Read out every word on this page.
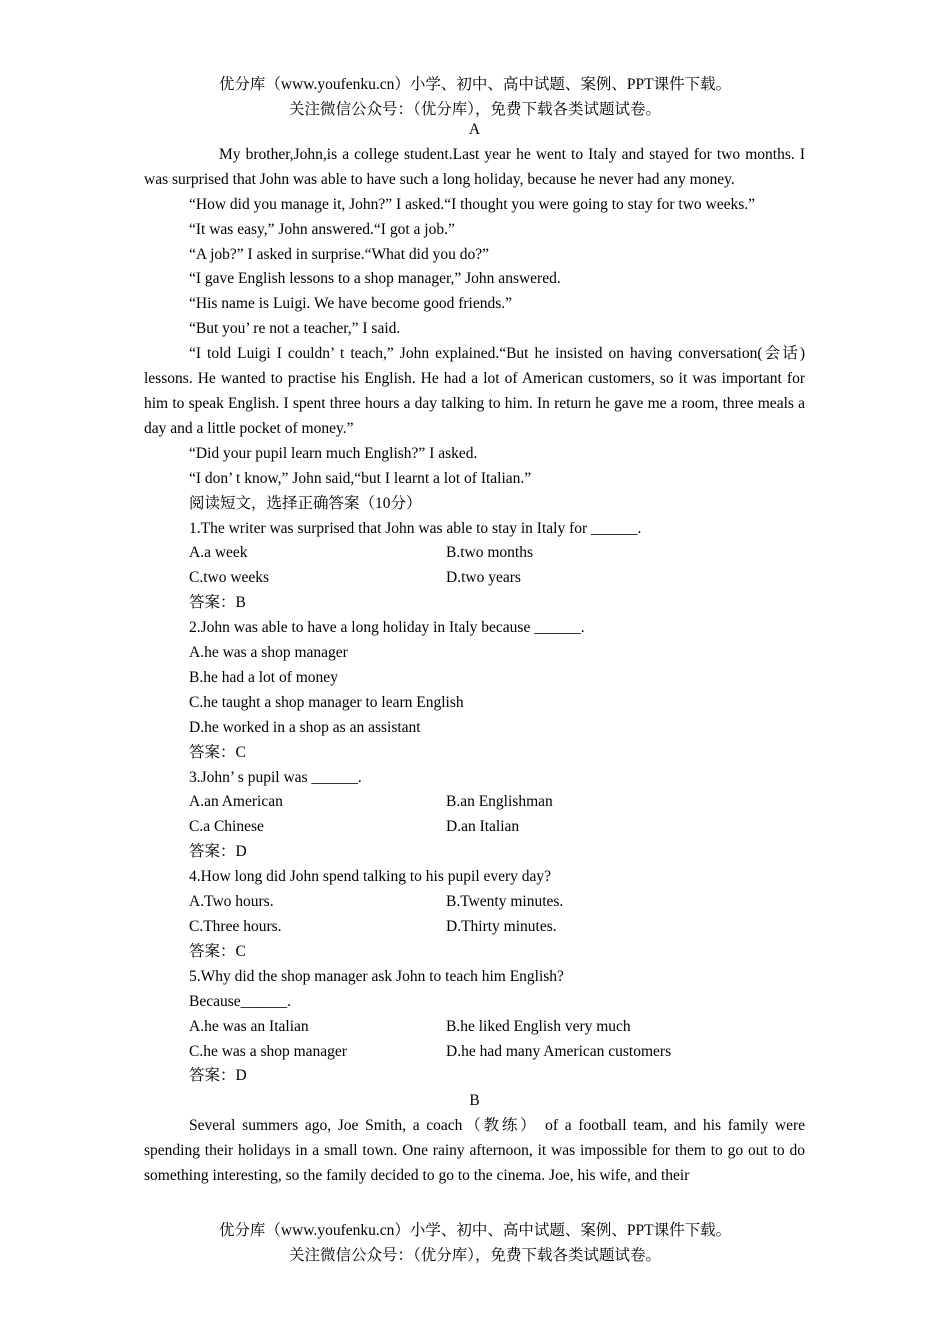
优分库（www.youfenku.cn）小学、初中、高中试题、案例、PPT课件下载。

关注微信公众号：（优分库），免费下载各类试题试卷。

A

My brother,John,is a college student.Last year he went to Italy and stayed for two months. I was surprised that John was able to have such a long holiday, because he never had any money.

“How did you manage it, John?” I asked.“I thought you were going to stay for two weeks.”

“It was easy,” John answered.“I got a job.”

“A job?” I asked in surprise.“What did you do?”

“I gave English lessons to a shop manager,” John answered.

“His name is Luigi. We have become good friends.”

“But you’ re not a teacher,” I said.

“I told Luigi I couldn’ t teach,” John explained.“But he insisted on having conversation(会话) lessons. He wanted to practise his English. He had a lot of American customers, so it was important for him to speak English. I spent three hours a day talking to him. In return he gave me a room, three meals a day and a little pocket of money.”

“Did your pupil learn much English?” I asked.

“I don’ t know,” John said,“but I learnt a lot of Italian.”

阅读短文，选择正确答案（10分）

1.The writer was surprised that John was able to stay in Italy for ______.

A.a week	B.two months
C.two weeks	D.two years

答案：B

2.John was able to have a long holiday in Italy because ______.

A.he was a shop manager

B.he had a lot of money

C.he taught a shop manager to learn English

D.he worked in a shop as an assistant

答案：C

3.John’ s pupil was ______.

A.an American	B.an Englishman
C.a Chinese	D.an Italian

答案：D

4.How long did John spend talking to his pupil every day?

A.Two hours.	B.Twenty minutes.
C.Three hours.	D.Thirty minutes.

答案：C

5.Why did the shop manager ask John to teach him English?

Because______.

A.he was an Italian	B.he liked English very much
C.he was a shop manager	D.he had many American customers

答案：D

B

Several summers ago, Joe Smith, a coach（教练） of a football team, and his family were spending their holidays in a small town. One rainy afternoon, it was impossible for them to go out to do something interesting, so the family decided to go to the cinema. Joe, his wife, and their

优分库（www.youfenku.cn）小学、初中、高中试题、案例、PPT课件下载。

关注微信公众号：（优分库），免费下载各类试题试卷。
